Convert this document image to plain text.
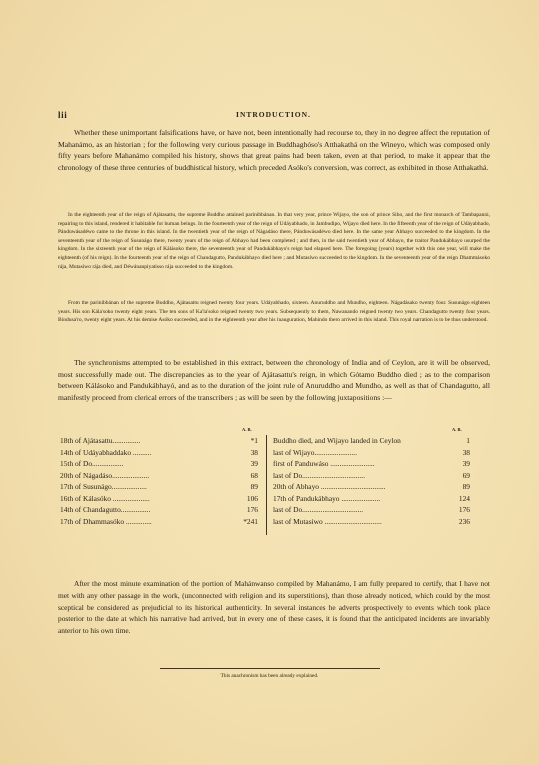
lii	INTRODUCTION.

Whether these unimportant falsifications have, or have not, been intentionally had recourse to, they in no degree affect the reputation of Mahanámo, as an historian ; for the following very curious passage in Buddhaghóso's Atthakathá on the Wineyo, which was composed only fifty years before Mahanámo compiled his history, shows that great pains had been taken, even at that period, to make it appear that the chronology of these three centuries of buddhistical history, which preceded Asóko's conversion, was correct, as exhibited in those Atthakathá.

In the eighteenth year of the reign of Ajátasattu, the supreme Buddho attained parinibbánan. In that very year, prince Wijayo, the son of prince Siho, and the first monarch of Tambapanni, repairing to this island, rendered it habitable for human beings. In the fourteenth year of the reign of Udáyabhado, in Jambudipo, Wijayo died here. In the fifteenth year of the reign of Udáyabhado, Pánduwásadéwo came to the throne in this island. In the twentieth year of the reign of Nágadáso there, Pánduwásadéwo died here. In the same year Abhayo succeeded to the kingdom. In the seventeenth year of the reign of Susunágo there, twenty years of the reign of Abhayo had been completed ; and then, in the said twentieth year of Abhayo, the traitor Pandukábhayo usurped the kingdom. In the sixteenth year of the reign of Kálásoko there, the seventeenth year of Pandukábhayo's reign had elapsed here. The foregoing (years) together with this one year, will make the eighteenth (of his reign). In the fourteenth year of the reign of Chandagutto, Pandukábhayo died here ; and Mutasíwo succeeded to the kingdom. In the seventeenth year of the reign Dhammásoko rája, Mutasíwo rája died, and Déwánanpiyatisso rája succeeded to the kingdom.

From the parinibbánan of the supreme Buddho, Ajátasattu reigned twenty four years. Udáyabhado, sixteen. Anuruddho and Mundho, eighteen. Nágadásako twenty four. Susunágo eighteen years. His son Kála'soko twenty eight years. The ten sons of Ka'la'soko reigned twenty two years. Subsequently to them, Nawanando reigned twenty two years. Chandagutto twenty four years. Bindusa'ro, twenty eight years. At his demise Asóko succeeded, and in the eighteenth year after his inauguration, Mahindo thero arrived in this island. This royal narration is to be thus understood.

The synchronisms attempted to be established in this extract, between the chronology of India and of Ceylon, are it will be observed, most successfully made out. The discrepancies as to the year of Ajátasattu's reign, in which Gótamo Buddho died ; as to the comparison between Kálásoko and Pandukábhayó, and as to the duration of the joint rule of Anuruddho and Mundho, as well as that of Chandagutto, all manifestly proceed from clerical errors of the transcribers ; as will be seen by the following juxtapositions :—

A. B.	A. B.
18th of Ajátasattu...............	*1 Buddho died, and Wijayo landed in Ceylon	1
14th of Udáyabhaddako ..........	38 last of Wijayo.......................	38
15th of Do.................	39 first of Panduwáso ........................	39
20th of Nágadáso....................	68 last of Do..................................	69
17th of Susunágo...................	89 20th of Abhayo ...................................	89
16th of Kálasóko ....................	106 17th of Pandukábhayo .....................	124
14th of Chandagutto................	176 last of Do.................................	176
17th of Dhammasóko ..............	*241 last of Mutasiwo ...............................	236

After the most minute examination of the portion of Mahánwanso compiled by Mahanámo, I am fully prepared to certify, that I have not met with any other passage in the work, (unconnected with religion and its superstitions), than those already noticed, which could by the most sceptical be considered as prejudicial to its historical authenticity. In several instances he adverts prospectively to events which took place posterior to the date at which his narrative had arrived, but in every one of these cases, it is found that the anticipated incidents are invariably anterior to his own time.

This anachronism has been already explained.
